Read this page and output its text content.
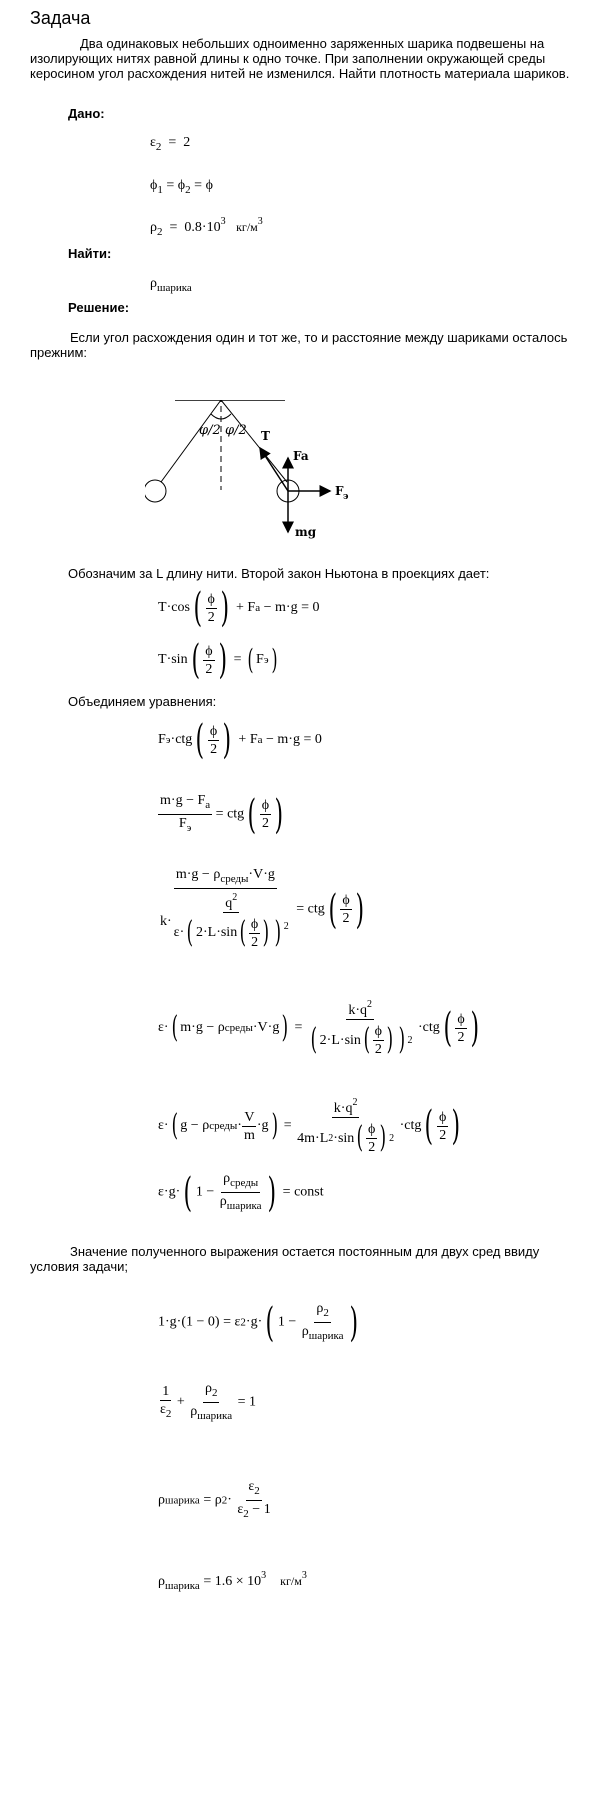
Задача
Два одинаковых небольших одноименно заряженных шарика подвешены на изолирующих нитях равной длины к одно точке. При заполнении окружающей среды керосином угол расхождения нитей не изменился. Найти плотность материала шариков.
Дано:
$\varepsilon_2 = 2$
$\phi_1 = \phi_2 = \phi$
$\rho_2 = 0.8\cdot 10^3$ $кг/м^3$
Найти:
$\rho_{шарика}$
Решение:
Если угол расхождения один и тот же, то и расстояние между шариками осталось прежним:
φ/2 φ/2 T
Fa
F э
mg
Обозначим за L длину нити. Второй закон Ньютона в проекциях дает:
$T\cdot\cos( \frac{\phi}{2}$ ) + Fa − m·g = 0
$T\cdot\sin( \frac{\phi}{2}$ ) = ( Fэ)
Объединяем уравнения:
$Fэ\cdot ctg( \frac{\phi}{2}$ ) + Fa − m·g = 0
$\frac{m\cdot g - F_a}{F_э} = ctg( \frac{\phi}{2}$ )
$\frac{m\cdot g - \rho_{среды}\cdot V\cdot g}{k \cdot \frac{q^2}{\varepsilon\cdot( 2\cdot L\cdot\sin( \frac{\phi}{2} ) ) ^2}} = ctg( \frac{\phi}{2}$ )
ε·( m·g − ρсреды·V·g) = $\frac{k\cdot q^2}{( 2 \cdot L \cdot \sin ( \frac{\phi}{2} ) ) 2} \cdot ctg( \frac{\phi}{2}$ )
ε·( g − ρсреды· $\frac{V}{m} \cdot g) = \frac{k\cdot q^2}{4m \cdot L 2 \cdot \sin ( \frac{\phi}{2} ) 2} \cdot ctg( \frac{\phi}{2}$ )
ε·g·( $1 - \frac{\rho_{среды}}{\rho_{шарика}}$ ) = const
Значение полученного выражения остается постоянным для двух сред ввиду условия задачи;
1·g·(1 − 0) = ε2·g·( $1 - \frac{\rho_2}{\rho_{шарика}}$ )
$\frac{1}{\varepsilon_2} + \frac{\rho_2}{\rho_{шарика}} = 1$
ρшарика = $\rho 2\cdot \frac{\varepsilon_2}{\varepsilon_2 - 1}$
$\rho_{шарика} = 1.6 \times 10^3$ $кг/м^3$
